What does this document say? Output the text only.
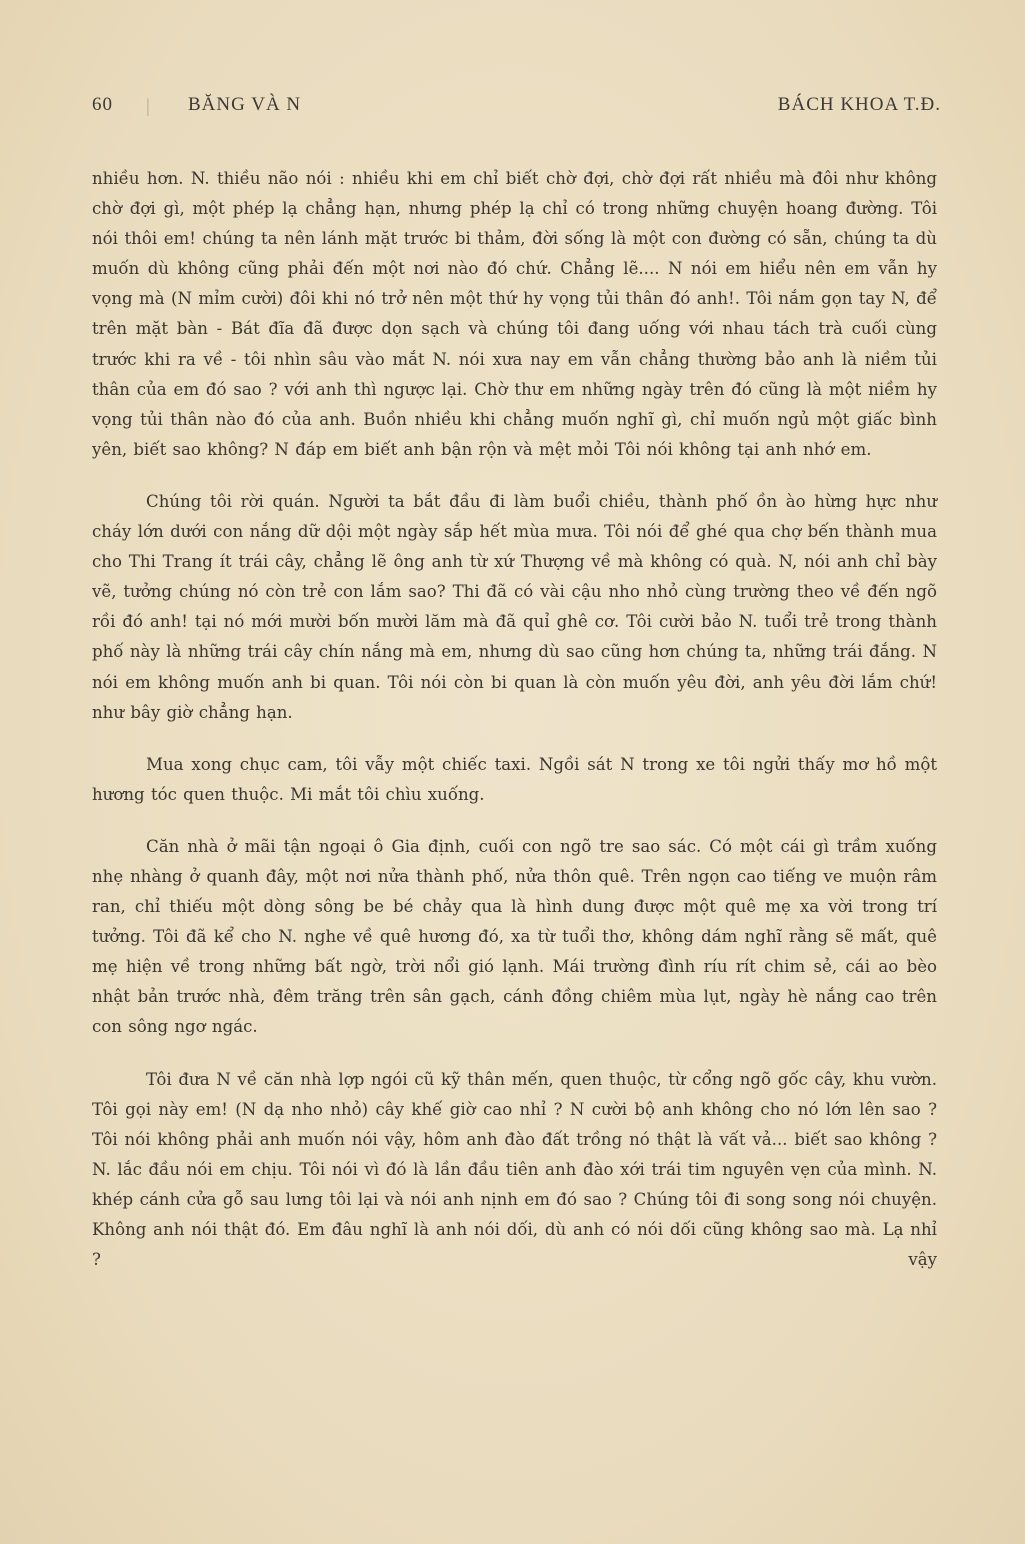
60 | BĂNG VÀ N	BÁCH KHOA T.Đ.

nhiều hơn. N. thiều não nói : nhiều khi em chỉ biết chờ đợi, chờ đợi rất nhiều mà đôi như không chờ đợi gì, một phép lạ chẳng hạn, nhưng phép lạ chỉ có trong những chuyện hoang đường. Tôi nói thôi em! chúng ta nên lánh mặt trước bi thảm, đời sống là một con đường có sẵn, chúng ta dù muốn dù không cũng phải đến một nơi nào đó chứ. Chẳng lẽ.... N nói em hiểu nên em vẫn hy vọng mà (N mỉm cười) đôi khi nó trở nên một thứ hy vọng tủi thân đó anh!. Tôi nắm gọn tay N, để trên mặt bàn - Bát đĩa đã được dọn sạch và chúng tôi đang uống với nhau tách trà cuối cùng trước khi ra về - tôi nhìn sâu vào mắt N. nói xưa nay em vẫn chẳng thường bảo anh là niềm tủi thân của em đó sao ? với anh thì ngược lại. Chờ thư em những ngày trên đó cũng là một niềm hy vọng tủi thân nào đó của anh. Buồn nhiều khi chẳng muốn nghĩ gì, chỉ muốn ngủ một giấc bình yên, biết sao không? N đáp em biết anh bận rộn và mệt mỏi Tôi nói không tại anh nhớ em.

Chúng tôi rời quán. Người ta bắt đầu đi làm buổi chiều, thành phố ồn ào hừng hực như cháy lớn dưới con nắng dữ dội một ngày sắp hết mùa mưa. Tôi nói để ghé qua chợ bến thành mua cho Thi Trang ít trái cây, chẳng lẽ ông anh từ xứ Thượng về mà không có quà. N, nói anh chỉ bày vẽ, tưởng chúng nó còn trẻ con lắm sao? Thi đã có vài cậu nho nhỏ cùng trường theo về đến ngõ rồi đó anh! tại nó mới mười bốn mười lăm mà đã quỉ ghê cơ. Tôi cười bảo N. tuổi trẻ trong thành phố này là những trái cây chín nắng mà em, nhưng dù sao cũng hơn chúng ta, những trái đắng. N nói em không muốn anh bi quan. Tôi nói còn bi quan là còn muốn yêu đời, anh yêu đời lắm chứ! như bây giờ chẳng hạn.

Mua xong chục cam, tôi vẫy một chiếc taxi. Ngồi sát N trong xe tôi ngửi thấy mơ hồ một hương tóc quen thuộc. Mi mắt tôi chìu xuống.

Căn nhà ở mãi tận ngoại ô Gia định, cuối con ngõ tre sao sác. Có một cái gì trầm xuống nhẹ nhàng ở quanh đây, một nơi nửa thành phố, nửa thôn quê. Trên ngọn cao tiếng ve muộn râm ran, chỉ thiếu một dòng sông be bé chảy qua là hình dung được một quê mẹ xa vời trong trí tưởng. Tôi đã kể cho N. nghe về quê hương đó, xa từ tuổi thơ, không dám nghĩ rằng sẽ mất, quê mẹ hiện về trong những bất ngờ, trời nổi gió lạnh. Mái trường đình ríu rít chim sẻ, cái ao bèo nhật bản trước nhà, đêm trăng trên sân gạch, cánh đồng chiêm mùa lụt, ngày hè nắng cao trên con sông ngơ ngác.

Tôi đưa N về căn nhà lợp ngói cũ kỹ thân mến, quen thuộc, từ cổng ngõ gốc cây, khu vườn. Tôi gọi này em! (N dạ nho nhỏ) cây khế giờ cao nhỉ ? N cười bộ anh không cho nó lớn lên sao ? Tôi nói không phải anh muốn nói vậy, hôm anh đào đất trồng nó thật là vất vả... biết sao không ? N. lắc đầu nói em chịu. Tôi nói vì đó là lần đầu tiên anh đào xới trái tim nguyên vẹn của mình. N. khép cánh cửa gỗ sau lưng tôi lại và nói anh nịnh em đó sao ? Chúng tôi đi song song nói chuyện. Không anh nói thật đó. Em đâu nghĩ là anh nói dối, dù anh có nói dối cũng không sao mà. Lạ nhỉ ? vậy
